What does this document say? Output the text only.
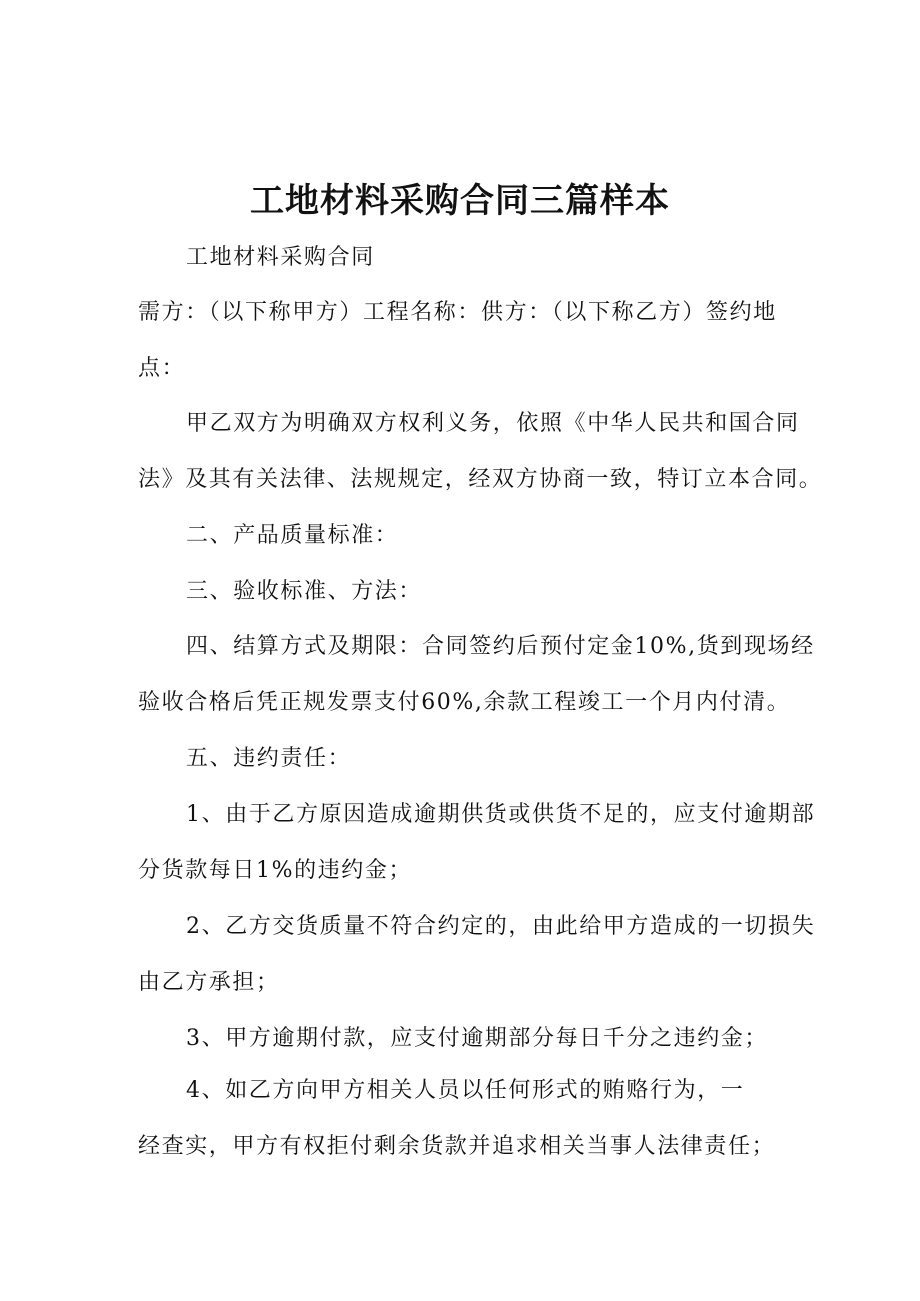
工地材料采购合同三篇样本
工地材料采购合同
需方：（以下称甲方）工程名称：供方：（以下称乙方）签约地
点：
甲乙双方为明确双方权利义务，依照《中华人民共和国合同
法》及其有关法律、法规规定，经双方协商一致，特订立本合同。
二、产品质量标准：
三、验收标准、方法：
四、结算方式及期限：合同签约后预付定金10%,货到现场经
验收合格后凭正规发票支付60%,余款工程竣工一个月内付清。
五、违约责任：
1、由于乙方原因造成逾期供货或供货不足的，应支付逾期部
分货款每日1%的违约金；
2、乙方交货质量不符合约定的，由此给甲方造成的一切损失
由乙方承担；
3、甲方逾期付款，应支付逾期部分每日千分之违约金；
4、如乙方向甲方相关人员以任何形式的贿赂行为，一
经查实，甲方有权拒付剩余货款并追求相关当事人法律责任；
